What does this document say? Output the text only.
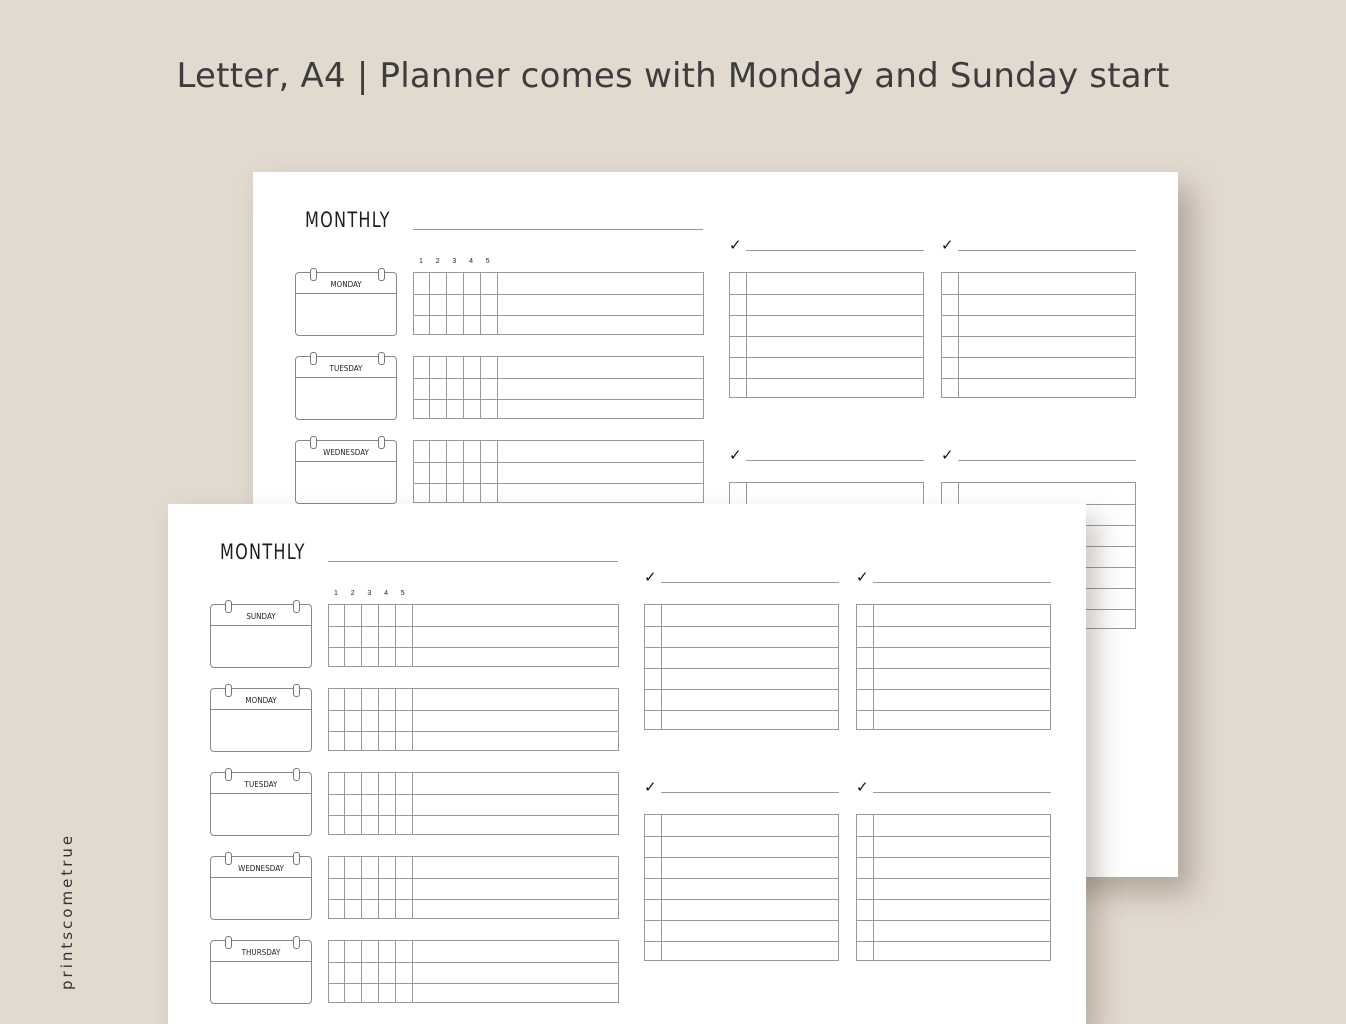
Letter, A4 | Planner comes with Monday and Sunday start
printscometrue
MONTHLY
1 2 3 4 5
MONDAY
TUESDAY
WEDNESDAY
✓	✓
✓	✓
MONTHLY
1 2 3 4 5
SUNDAY
MONDAY
TUESDAY
WEDNESDAY
THURSDAY
✓	✓
✓	✓
